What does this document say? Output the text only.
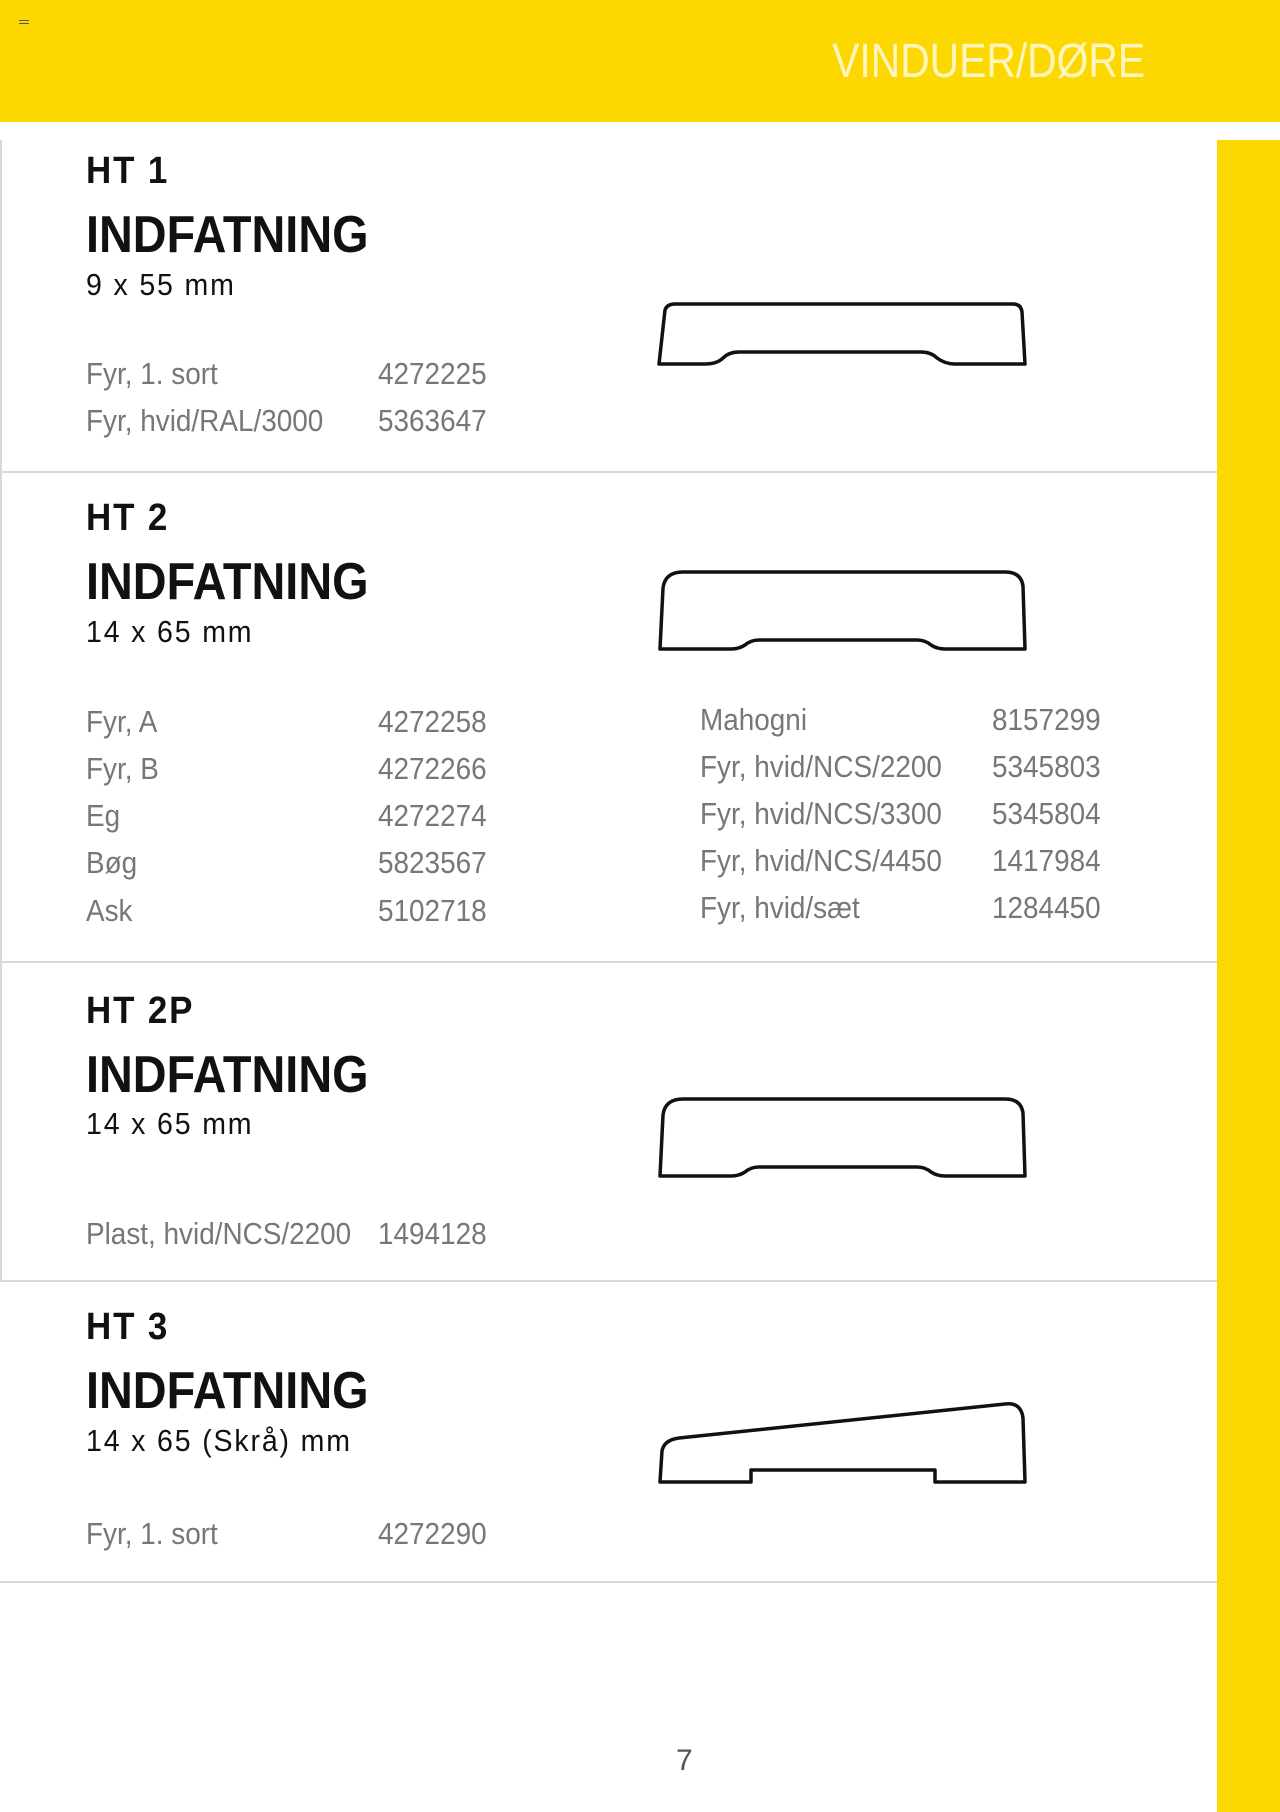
VINDUER/DØRE
HT 1
INDFATNING
9 x 55 mm
Fyr, 1. sort	4272225
Fyr, hvid/RAL/3000 5363647
HT 2
INDFATNING
14 x 65 mm
Fyr, A	4272258
Fyr, B	4272266
Eg	4272274
Bøg	5823567
Ask	5102718
Mahogni	8157299
Fyr, hvid/NCS/2200 5345803
Fyr, hvid/NCS/3300 5345804
Fyr, hvid/NCS/4450 1417984
Fyr, hvid/sæt	1284450
HT 2P
INDFATNING
14 x 65 mm
Plast, hvid/NCS/2200 1494128
HT 3
INDFATNING
14 x 65 (Skrå) mm
Fyr, 1. sort	4272290
7
